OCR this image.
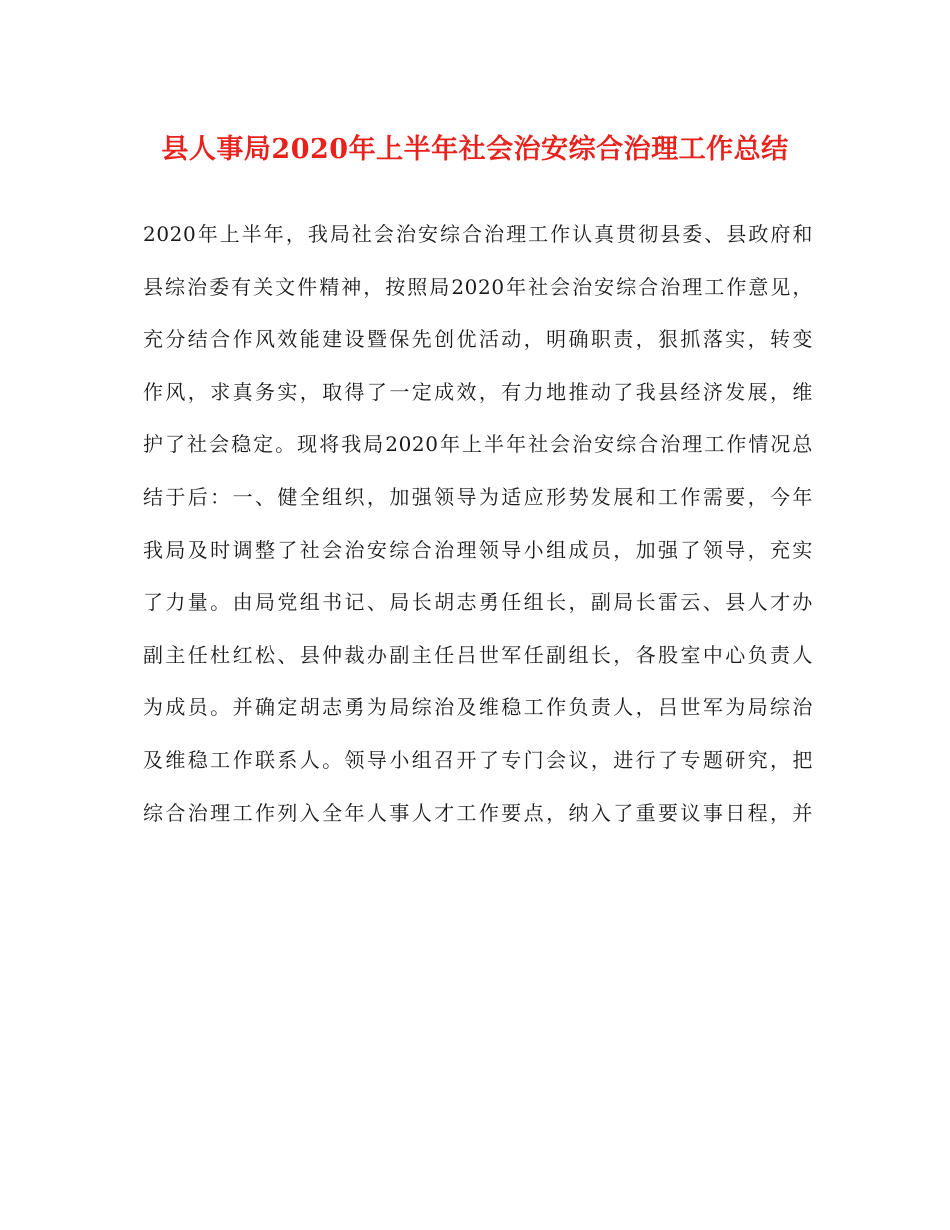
县人事局2020年上半年社会治安综合治理工作总结
2020年上半年，我局社会治安综合治理工作认真贯彻县委、县政府和
县综治委有关文件精神，按照局2020年社会治安综合治理工作意见，
充分结合作风效能建设暨保先创优活动，明确职责，狠抓落实，转变
作风，求真务实，取得了一定成效，有力地推动了我县经济发展，维
护了社会稳定。现将我局2020年上半年社会治安综合治理工作情况总
结于后：一、健全组织，加强领导为适应形势发展和工作需要，今年
我局及时调整了社会治安综合治理领导小组成员，加强了领导，充实
了力量。由局党组书记、局长胡志勇任组长，副局长雷云、县人才办
副主任杜红松、县仲裁办副主任吕世军任副组长，各股室中心负责人
为成员。并确定胡志勇为局综治及维稳工作负责人，吕世军为局综治
及维稳工作联系人。领导小组召开了专门会议，进行了专题研究，把
综合治理工作列入全年人事人才工作要点，纳入了重要议事日程，并
